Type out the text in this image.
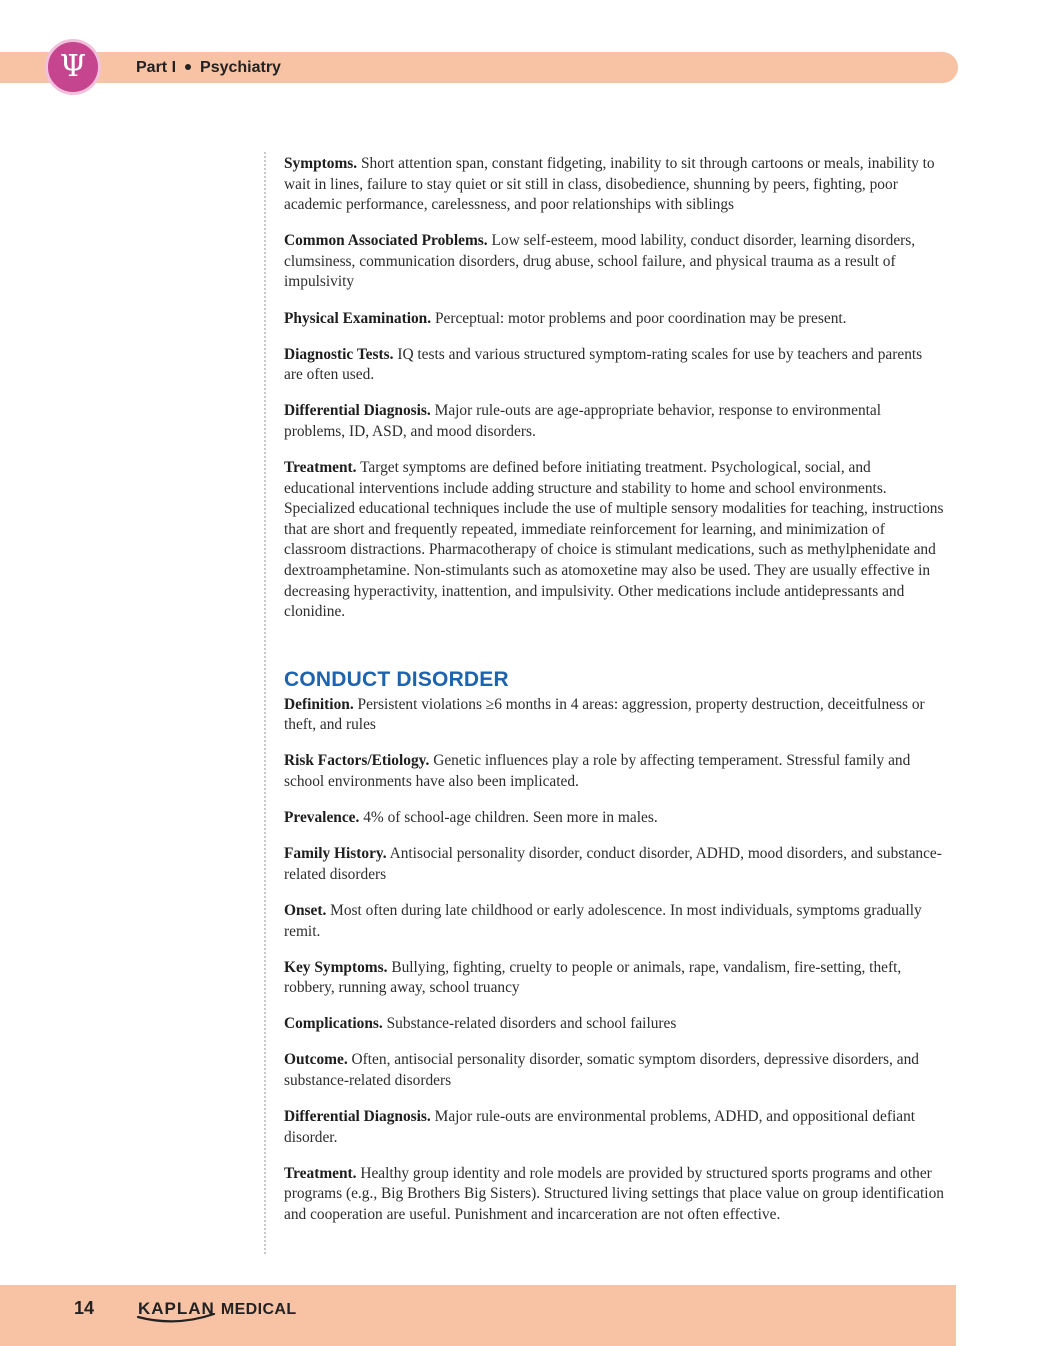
Ψ	Part I Psychiatry

Symptoms. Short attention span, constant fidgeting, inability to sit through cartoons or meals, inability to wait in lines, failure to stay quiet or sit still in class, disobedience, shunning by peers, fighting, poor academic performance, carelessness, and poor relationships with siblings

Common Associated Problems. Low self-esteem, mood lability, conduct disorder, learning disorders, clumsiness, communication disorders, drug abuse, school failure, and physical trauma as a result of impulsivity

Physical Examination. Perceptual: motor problems and poor coordination may be present.

Diagnostic Tests. IQ tests and various structured symptom-rating scales for use by teachers and parents are often used.

Differential Diagnosis. Major rule-outs are age-appropriate behavior, response to environmental problems, ID, ASD, and mood disorders.

Treatment. Target symptoms are defined before initiating treatment. Psychological, social, and educational interventions include adding structure and stability to home and school environments. Specialized educational techniques include the use of multiple sensory modalities for teaching, instructions that are short and frequently repeated, immediate reinforcement for learning, and minimization of classroom distractions. Pharmacotherapy of choice is stimulant medications, such as methylphenidate and dextroamphetamine. Non-stimulants such as atomoxetine may also be used. They are usually effective in decreasing hyperactivity, inattention, and impulsivity. Other medications include antidepressants and clonidine.

CONDUCT DISORDER

Definition. Persistent violations ≥6 months in 4 areas: aggression, property destruction, deceitfulness or theft, and rules

Risk Factors/Etiology. Genetic influences play a role by affecting temperament. Stressful family and school environments have also been implicated.

Prevalence. 4% of school-age children. Seen more in males.

Family History. Antisocial personality disorder, conduct disorder, ADHD, mood disorders, and substance-related disorders

Onset. Most often during late childhood or early adolescence. In most individuals, symptoms gradually remit.

Key Symptoms. Bullying, fighting, cruelty to people or animals, rape, vandalism, fire-setting, theft, robbery, running away, school truancy

Complications. Substance-related disorders and school failures

Outcome. Often, antisocial personality disorder, somatic symptom disorders, depressive disorders, and substance-related disorders

Differential Diagnosis. Major rule-outs are environmental problems, ADHD, and oppositional defiant disorder.

Treatment. Healthy group identity and role models are provided by structured sports programs and other programs (e.g., Big Brothers Big Sisters). Structured living settings that place value on group identification and cooperation are useful. Punishment and incarceration are not often effective.

14	KAPLAN MEDICAL
